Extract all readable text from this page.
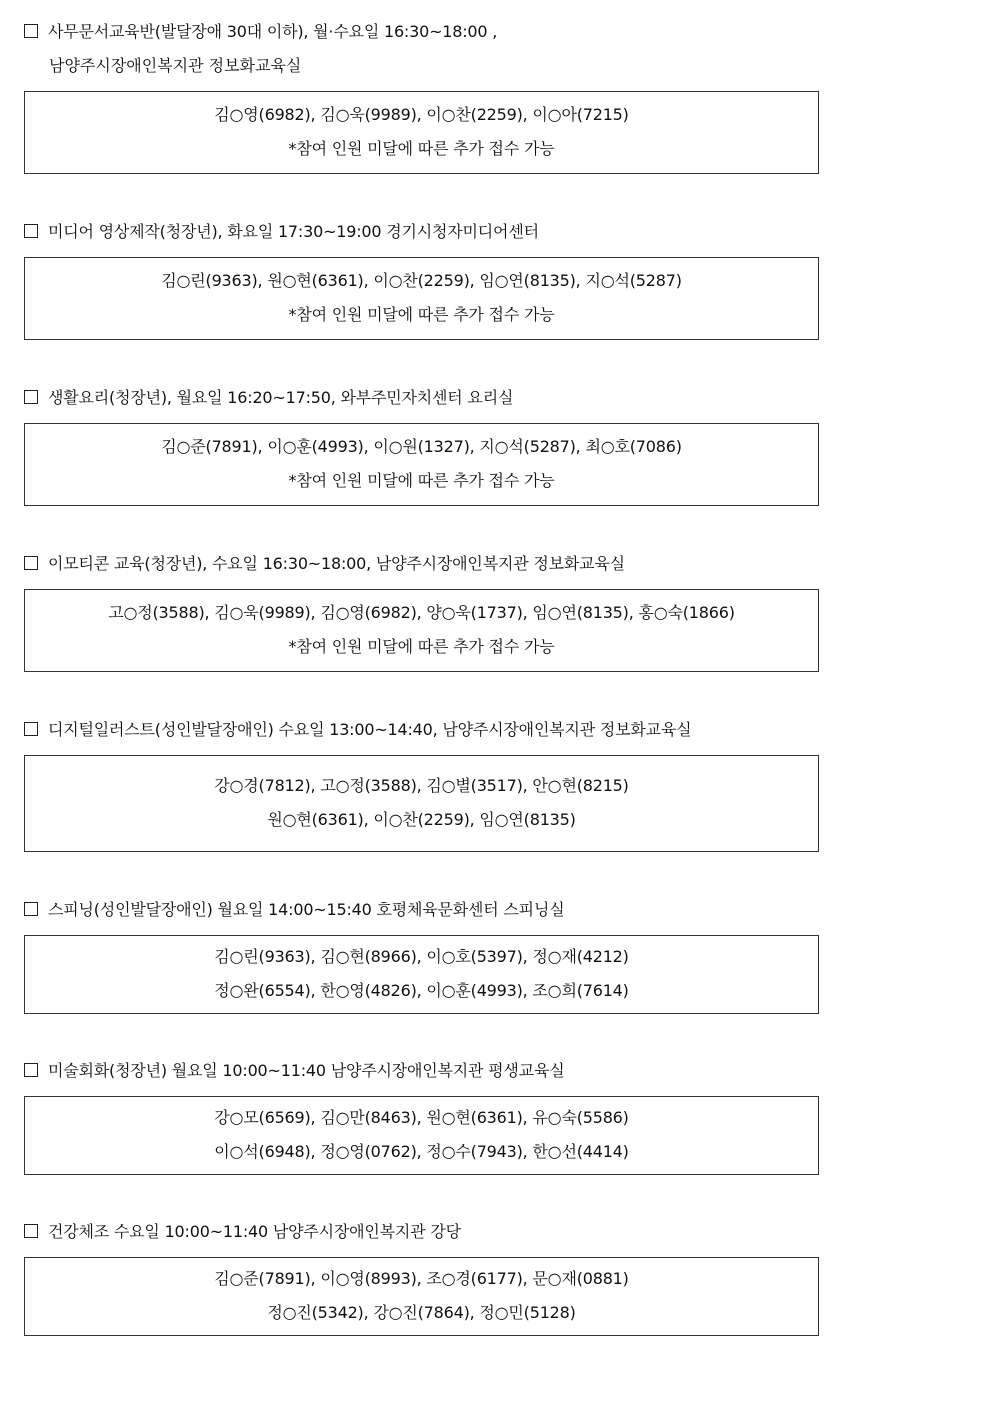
사무문서교육반(발달장애 30대 이하), 월·수요일 16:30~18:00 ,
남양주시장애인복지관 정보화교육실
김○영(6982), 김○욱(9989), 이○찬(2259), 이○아(7215)
*참여 인원 미달에 따른 추가 접수 가능
미디어 영상제작(청장년), 화요일 17:30~19:00 경기시청자미디어센터
김○린(9363), 원○현(6361), 이○찬(2259), 임○연(8135), 지○석(5287)
*참여 인원 미달에 따른 추가 접수 가능
생활요리(청장년), 월요일 16:20~17:50, 와부주민자치센터 요리실
김○준(7891), 이○훈(4993), 이○원(1327), 지○석(5287), 최○호(7086)
*참여 인원 미달에 따른 추가 접수 가능
이모티콘 교육(청장년), 수요일 16:30~18:00, 남양주시장애인복지관 정보화교육실
고○정(3588), 김○욱(9989), 김○영(6982), 양○욱(1737), 임○연(8135), 홍○숙(1866)
*참여 인원 미달에 따른 추가 접수 가능
디지털일러스트(성인발달장애인) 수요일 13:00~14:40, 남양주시장애인복지관 정보화교육실
강○경(7812), 고○정(3588), 김○별(3517), 안○현(8215)
원○현(6361), 이○찬(2259), 임○연(8135)
스피닝(성인발달장애인) 월요일 14:00~15:40 호평체육문화센터 스피닝실
김○린(9363), 김○현(8966), 이○호(5397), 정○재(4212)
정○완(6554), 한○영(4826), 이○훈(4993), 조○희(7614)
미술회화(청장년) 월요일 10:00~11:40 남양주시장애인복지관 평생교육실
강○모(6569), 김○만(8463), 원○현(6361), 유○숙(5586)
이○석(6948), 정○영(0762), 정○수(7943), 한○선(4414)
건강체조 수요일 10:00~11:40 남양주시장애인복지관 강당
김○준(7891), 이○영(8993), 조○경(6177), 문○재(0881)
정○진(5342), 강○진(7864), 정○민(5128)
